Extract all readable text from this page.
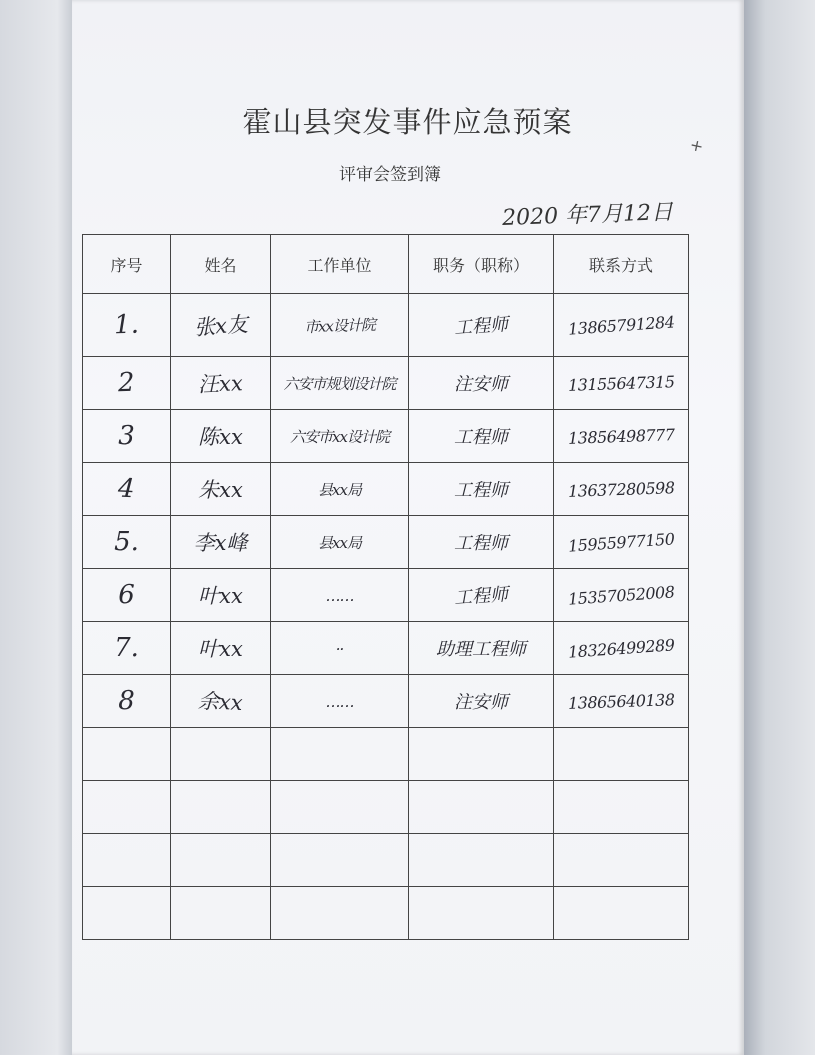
霍山县突发事件应急预案
评审会签到簿
2020 年7月12日
+
序号	姓名	工作单位	职务（职称）	联系方式
1.	张x友	市xx设计院	工程师	13865791284
2	汪xx	六安市规划设计院	注安师	13155647315
3	陈xx	六安市xx设计院	工程师	13856498777
4	朱xx	县xx局	工程师	13637280598
5.	李x峰	县xx局	工程师	15955977150
6	叶xx	……	工程师	15357052008
7.	叶xx	··	助理工程师	18326499289
8	余xx	……	注安师	13865640138
